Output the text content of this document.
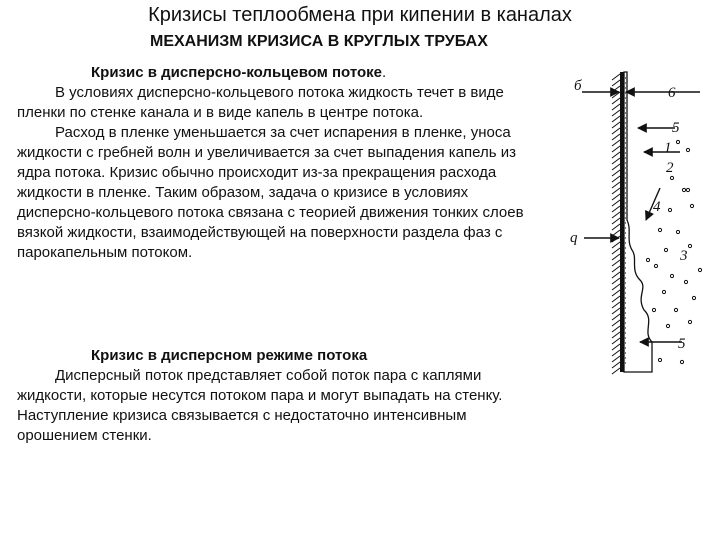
Кризисы теплообмена при кипении в каналах
МЕХАНИЗМ КРИЗИСА В КРУГЛЫХ ТРУБАХ

Кризис в дисперсно-кольцевом потоке.

В условиях дисперсно-кольцевого потока жидкость течет в виде пленки по стенке канала и в виде капель в центре потока.

Расход в пленке уменьшается за счет испарения в пленке, уноса жидкости с гребней волн и увеличивается за счет выпадения капель из ядра потока. Кризис обычно происходит из-за прекращения расхода жидкости в пленке. Таким образом, задача о кризисе в условиях дисперсно-кольцевого потока связана с теорией движения тонких слоев вязкой жидкости, взаимодействующей на поверхности раздела фаз с парокапельным потоком.

Кризис в дисперсном режиме потока

Дисперсный поток представляет собой поток пара с каплями жидкости, которые несутся потоком пара и могут выпадать на стенку. Наступление кризиса связывается с недостаточно интенсивным орошением стенки.

б	6
5
1
2
4
q
3
5
